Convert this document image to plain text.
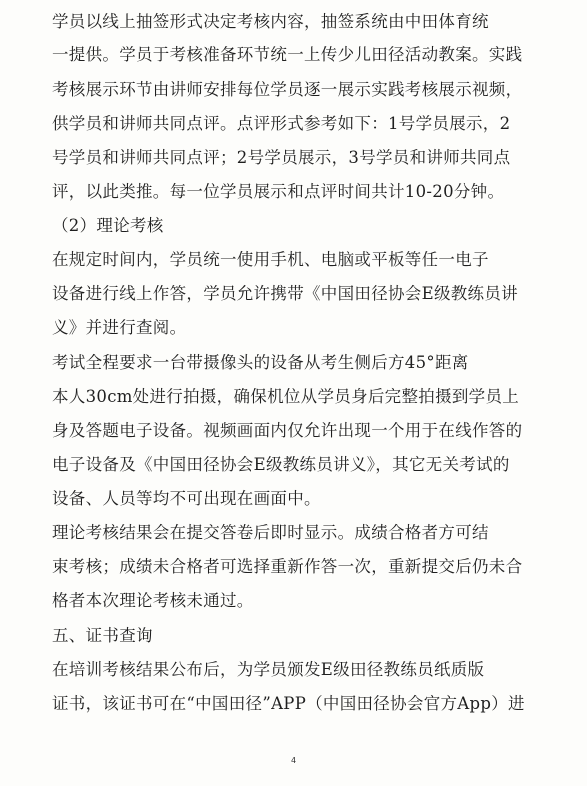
学员以线上抽签形式决定考核内容，抽签系统由中田体育统
一提供。学员于考核准备环节统一上传少儿田径活动教案。实践
考核展示环节由讲师安排每位学员逐一展示实践考核展示视频，
供学员和讲师共同点评。点评形式参考如下：1号学员展示，2
号学员和讲师共同点评；2号学员展示，3号学员和讲师共同点
评，以此类推。每一位学员展示和点评时间共计10-20分钟。
（2）理论考核
在规定时间内，学员统一使用手机、电脑或平板等任一电子
设备进行线上作答，学员允许携带《中国田径协会E级教练员讲
义》并进行查阅。
考试全程要求一台带摄像头的设备从考生侧后方45°距离
本人30cm处进行拍摄，确保机位从学员身后完整拍摄到学员上
身及答题电子设备。视频画面内仅允许出现一个用于在线作答的
电子设备及《中国田径协会E级教练员讲义》，其它无关考试的
设备、人员等均不可出现在画面中。
理论考核结果会在提交答卷后即时显示。成绩合格者方可结
束考核；成绩未合格者可选择重新作答一次，重新提交后仍未合
格者本次理论考核未通过。
五、证书查询
在培训考核结果公布后，为学员颁发E级田径教练员纸质版
证书，该证书可在“中国田径”APP（中国田径协会官方App）进
4
